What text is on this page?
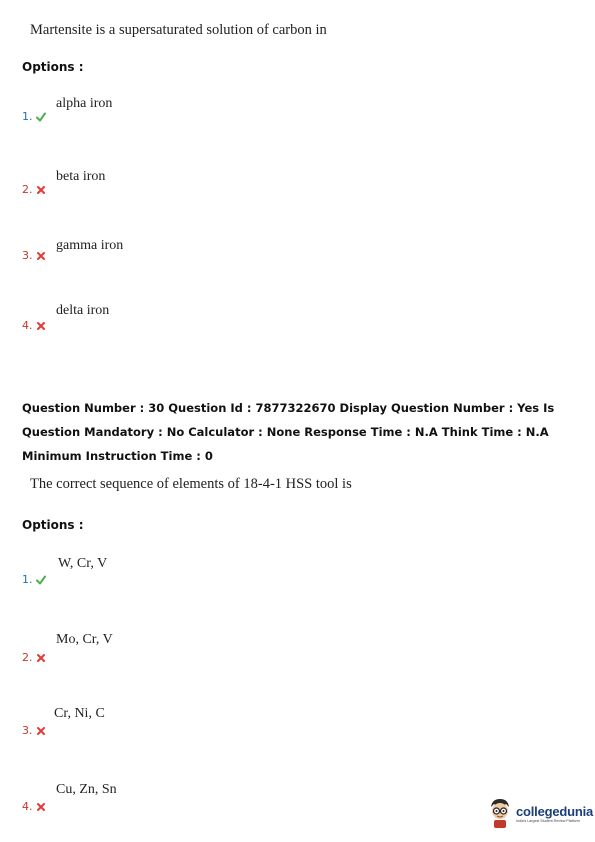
Martensite is a supersaturated solution of carbon in
Options :
alpha iron
1.
beta iron
2.
gamma iron
3.
delta iron
4.
Question Number : 30 Question Id : 7877322670 Display Question Number : Yes Is Question Mandatory : No Calculator : None Response Time : N.A Think Time : N.A Minimum Instruction Time : 0
The correct sequence of elements of 18-4-1 HSS tool is
Options :
W, Cr, V
1.
Mo, Cr, V
2.
Cr, Ni, C
3.
Cu, Zn, Sn
4.	collegedunia
India's Largest Student Review Platform
